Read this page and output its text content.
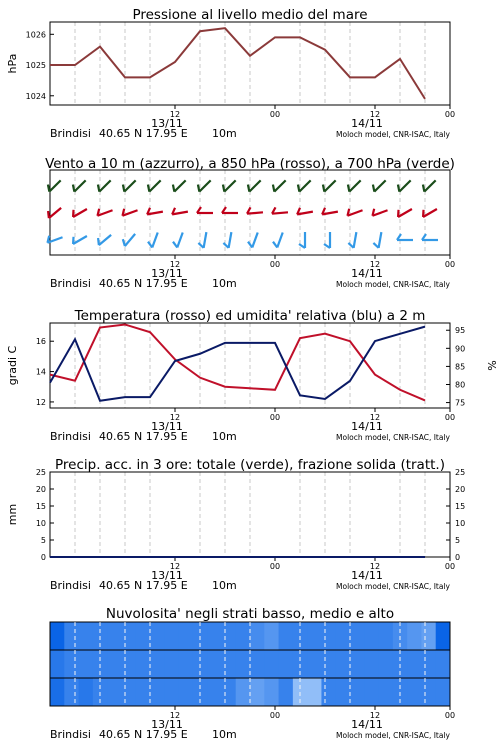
12	00	12	00
13/11	14/11
Brindisi 40.65 N 17.95 E 10m	Moloch model, CNR-ISAC, Italy
1024
1025
1026
hPa
Pressione al livello medio del mare
12	00	12	00
13/11	14/11
Brindisi 40.65 N 17.95 E 10m	Moloch model, CNR-ISAC, Italy
Vento a 10 m (azzurro), a 850 hPa (rosso), a 700 hPa (verde)
12	00	12	00
13/11	14/11
Brindisi 40.65 N 17.95 E 10m	Moloch model, CNR-ISAC, Italy
12
14
16
75
80
85
90
95
gradi C	%
Temperatura (rosso) ed umidita' relativa (blu) a 2 m
12	00	12	00
13/11	14/11
Brindisi 40.65 N 17.95 E 10m	Moloch model, CNR-ISAC, Italy
0
5
10
15
20
25
0
5
10
15
20
25
mm
Precip. acc. in 3 ore: totale (verde), frazione solida (tratt.)
12	00	12	00
13/11	14/11
Brindisi 40.65 N 17.95 E 10m	Moloch model, CNR-ISAC, Italy
Nuvolosita' negli strati basso, medio e alto
